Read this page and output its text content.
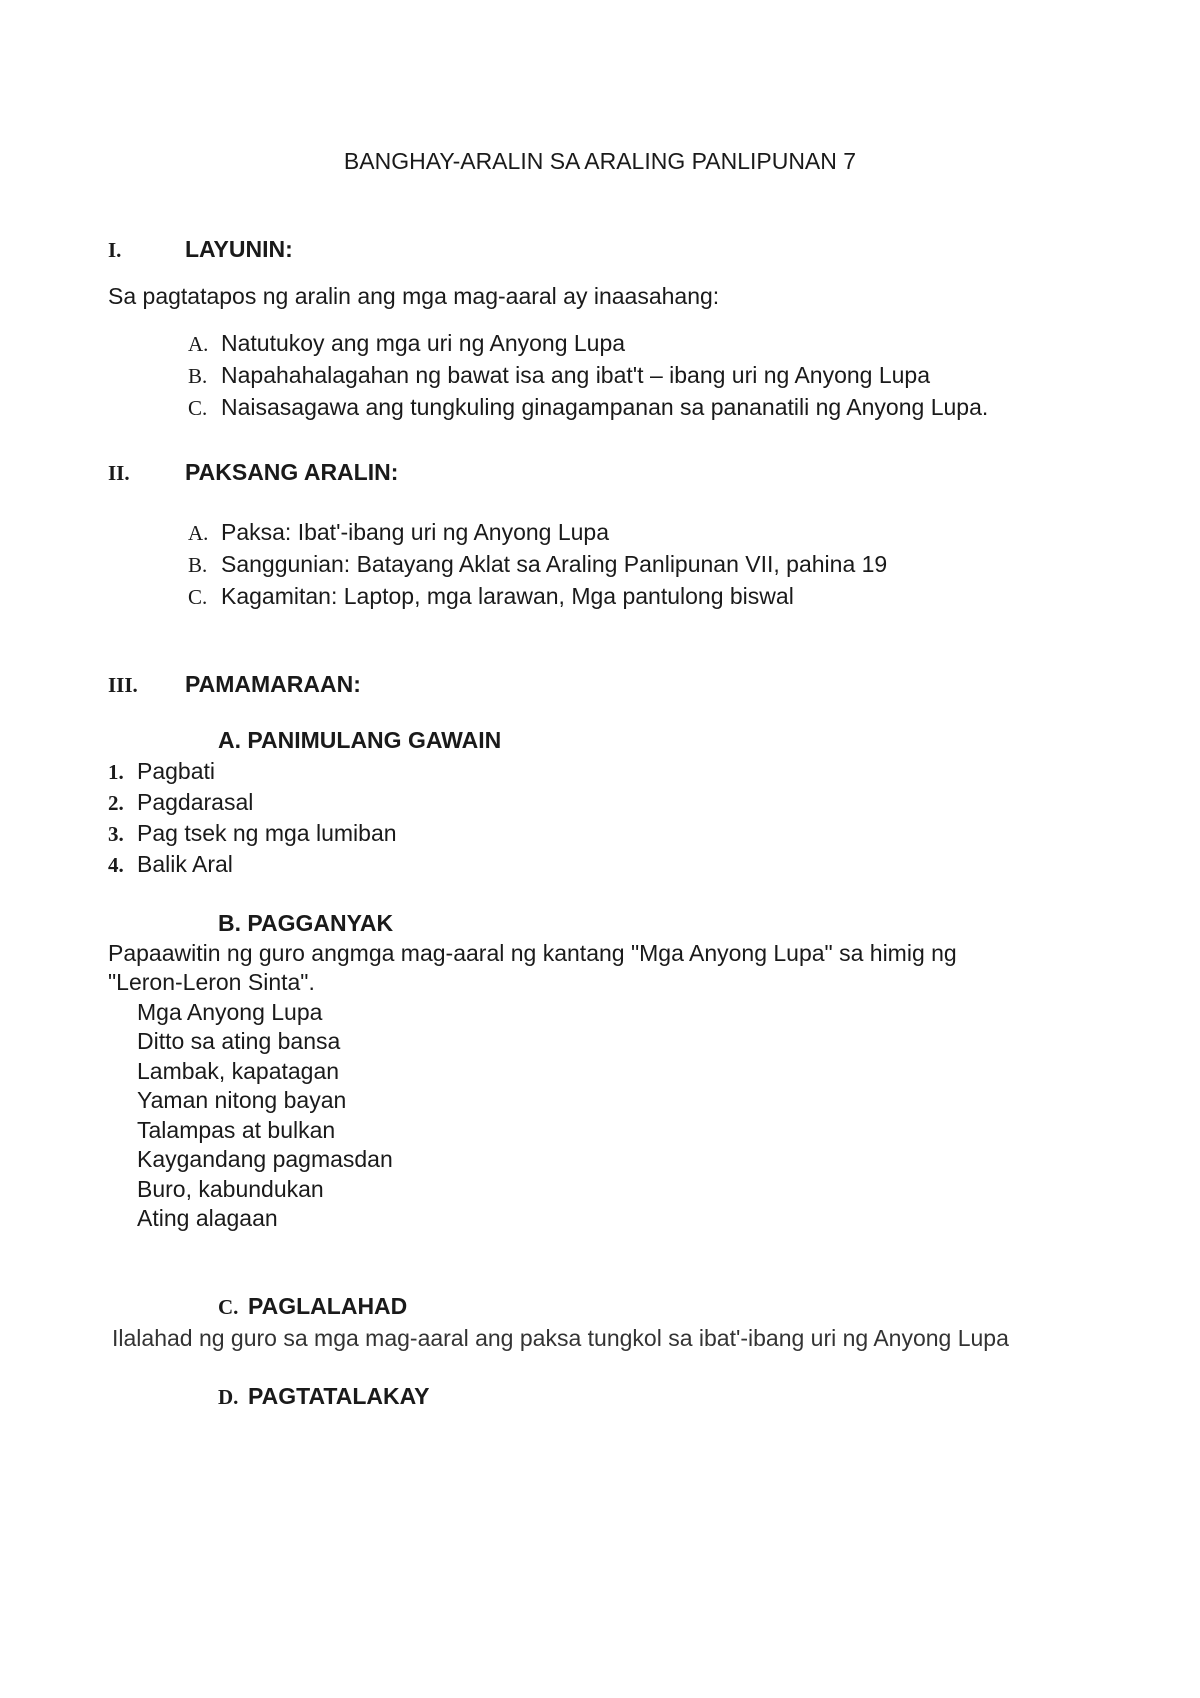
BANGHAY-ARALIN SA ARALING PANLIPUNAN 7
I.	LAYUNIN:
Sa pagtatapos ng aralin ang mga mag-aaral ay inaasahang:
A. Natutukoy ang mga uri ng Anyong Lupa
B. Napahahalagahan ng bawat isa ang ibat't – ibang uri ng Anyong Lupa
C. Naisasagawa ang tungkuling ginagampanan sa pananatili ng Anyong Lupa.
II. PAKSANG ARALIN:
A. Paksa: Ibat'-ibang uri ng Anyong Lupa
B. Sanggunian: Batayang Aklat sa Araling Panlipunan VII, pahina 19
C. Kagamitan: Laptop, mga larawan, Mga pantulong biswal
III. PAMAMARAAN:
A. PANIMULANG GAWAIN
1. Pagbati
2. Pagdarasal
3. Pag tsek ng mga lumiban
4. Balik Aral
B. PAGGANYAK
Papaawitin ng guro angmga mag-aaral ng kantang "Mga Anyong Lupa" sa himig ng
"Leron-Leron Sinta".
Mga Anyong Lupa
Ditto sa ating bansa
Lambak, kapatagan
Yaman nitong bayan
Talampas at bulkan
Kaygandang pagmasdan
Buro, kabundukan
Ating alagaan
C. PAGLALAHAD
Ilalahad ng guro sa mga mag-aaral ang paksa tungkol sa ibat'-ibang uri ng Anyong Lupa
D. PAGTATALAKAY
